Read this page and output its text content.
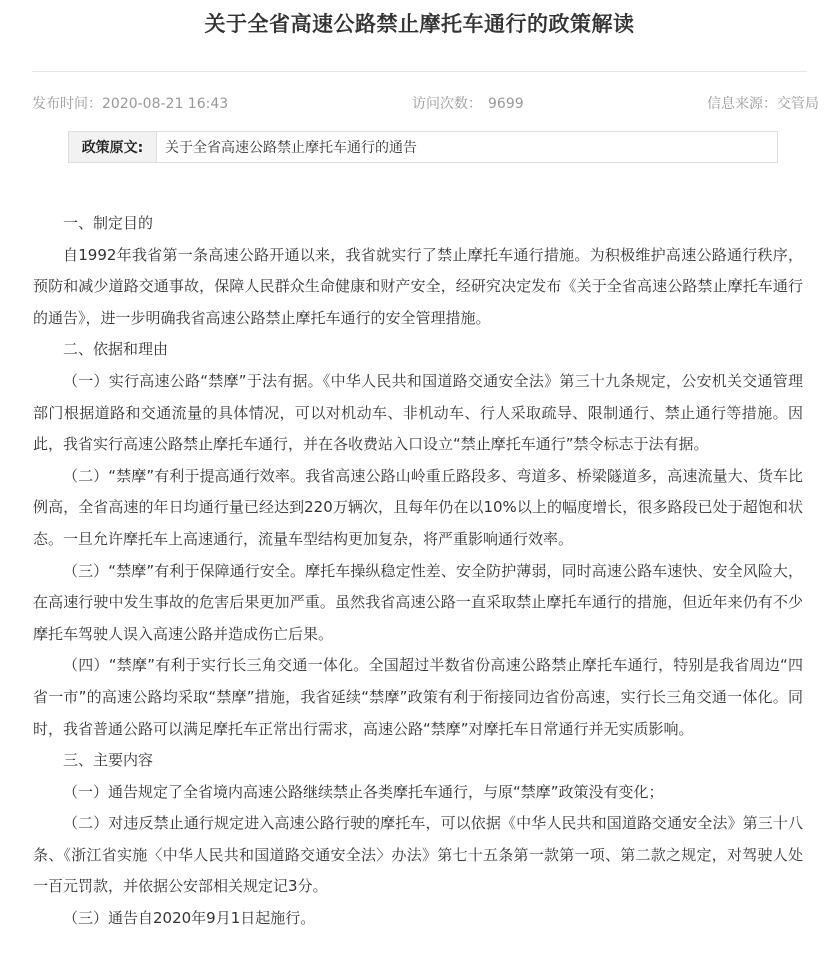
关于全省高速公路禁止摩托车通行的政策解读
发布时间：2020-08-21 16:43	访问次数： 9699	信息来源：交管局
政策原文:	关于全省高速公路禁止摩托车通行的通告

一、制定目的

自1992年我省第一条高速公路开通以来，我省就实行了禁止摩托车通行措施。为积极维护高速公路通行秩序，预防和减少道路交通事故，保障人民群众生命健康和财产安全，经研究决定发布《关于全省高速公路禁止摩托车通行的通告》，进一步明确我省高速公路禁止摩托车通行的安全管理措施。

二、依据和理由

（一）实行高速公路“禁摩”于法有据。《中华人民共和国道路交通安全法》第三十九条规定，公安机关交通管理部门根据道路和交通流量的具体情况，可以对机动车、非机动车、行人采取疏导、限制通行、禁止通行等措施。因此，我省实行高速公路禁止摩托车通行，并在各收费站入口设立“禁止摩托车通行”禁令标志于法有据。

（二）“禁摩”有利于提高通行效率。我省高速公路山岭重丘路段多、弯道多、桥梁隧道多，高速流量大、货车比例高，全省高速的年日均通行量已经达到220万辆次，且每年仍在以10%以上的幅度增长，很多路段已处于超饱和状态。一旦允许摩托车上高速通行，流量车型结构更加复杂，将严重影响通行效率。

（三）“禁摩”有利于保障通行安全。摩托车操纵稳定性差、安全防护薄弱，同时高速公路车速快、安全风险大，在高速行驶中发生事故的危害后果更加严重。虽然我省高速公路一直采取禁止摩托车通行的措施，但近年来仍有不少摩托车驾驶人误入高速公路并造成伤亡后果。

（四）“禁摩”有利于实行长三角交通一体化。全国超过半数省份高速公路禁止摩托车通行，特别是我省周边“四省一市”的高速公路均采取“禁摩”措施，我省延续“禁摩”政策有利于衔接同边省份高速，实行长三角交通一体化。同时，我省普通公路可以满足摩托车正常出行需求，高速公路“禁摩”对摩托车日常通行并无实质影响。

三、主要内容

（一）通告规定了全省境内高速公路继续禁止各类摩托车通行，与原“禁摩”政策没有变化；

（二）对违反禁止通行规定进入高速公路行驶的摩托车，可以依据《中华人民共和国道路交通安全法》第三十八条、《浙江省实施〈中华人民共和国道路交通安全法〉办法》第七十五条第一款第一项、第二款之规定，对驾驶人处一百元罚款，并依据公安部相关规定记3分。

（三）通告自2020年9月1日起施行。
